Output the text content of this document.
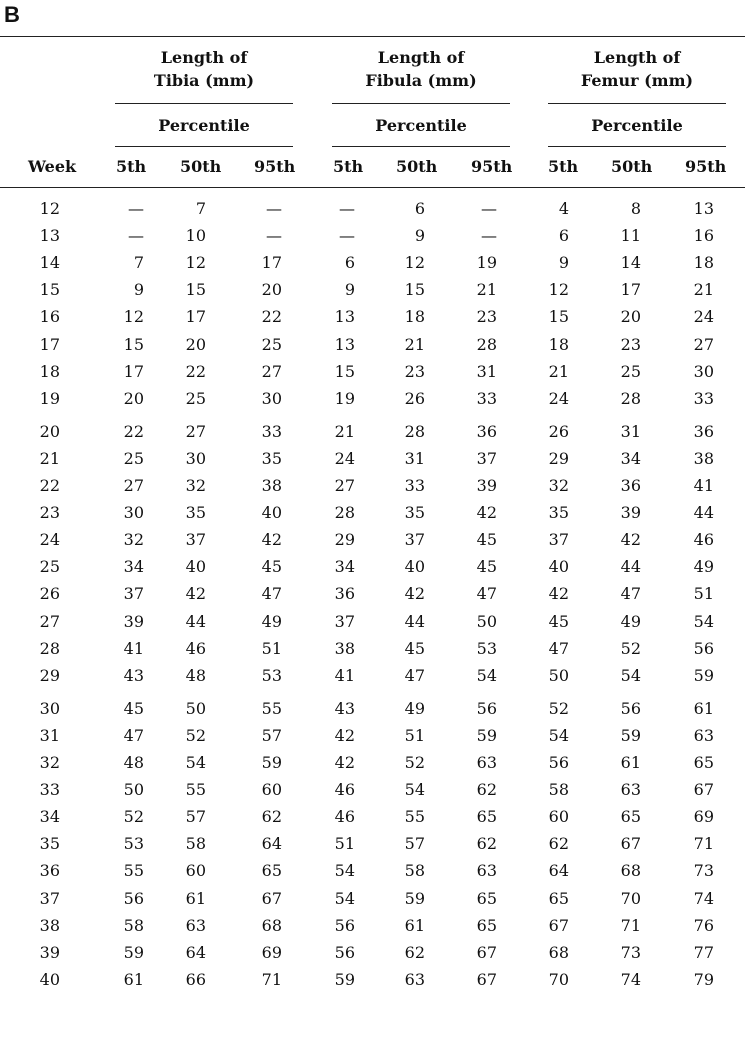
B
Length of
Tibia (mm)
Length of
Fibula (mm)
Length of
Femur (mm)
Percentile	Percentile	Percentile
Week 5th 50th 95th 5th 50th 95th 5th 50th 95th
12	—	7	—	—	6	—	4	8	13
13	—	10	—	—	9	—	6	11	16
14	7	12	17	6	12	19	9	14	18
15	9	15	20	9	15	21	12	17	21
16	12	17	22	13	18	23	15	20	24
17	15	20	25	13	21	28	18	23	27
18	17	22	27	15	23	31	21	25	30
19	20	25	30	19	26	33	24	28	33
20	22	27	33	21	28	36	26	31	36
21	25	30	35	24	31	37	29	34	38
22	27	32	38	27	33	39	32	36	41
23	30	35	40	28	35	42	35	39	44
24	32	37	42	29	37	45	37	42	46
25	34	40	45	34	40	45	40	44	49
26	37	42	47	36	42	47	42	47	51
27	39	44	49	37	44	50	45	49	54
28	41	46	51	38	45	53	47	52	56
29	43	48	53	41	47	54	50	54	59
30	45	50	55	43	49	56	52	56	61
31	47	52	57	42	51	59	54	59	63
32	48	54	59	42	52	63	56	61	65
33	50	55	60	46	54	62	58	63	67
34	52	57	62	46	55	65	60	65	69
35	53	58	64	51	57	62	62	67	71
36	55	60	65	54	58	63	64	68	73
37	56	61	67	54	59	65	65	70	74
38	58	63	68	56	61	65	67	71	76
39	59	64	69	56	62	67	68	73	77
40	61	66	71	59	63	67	70	74	79
